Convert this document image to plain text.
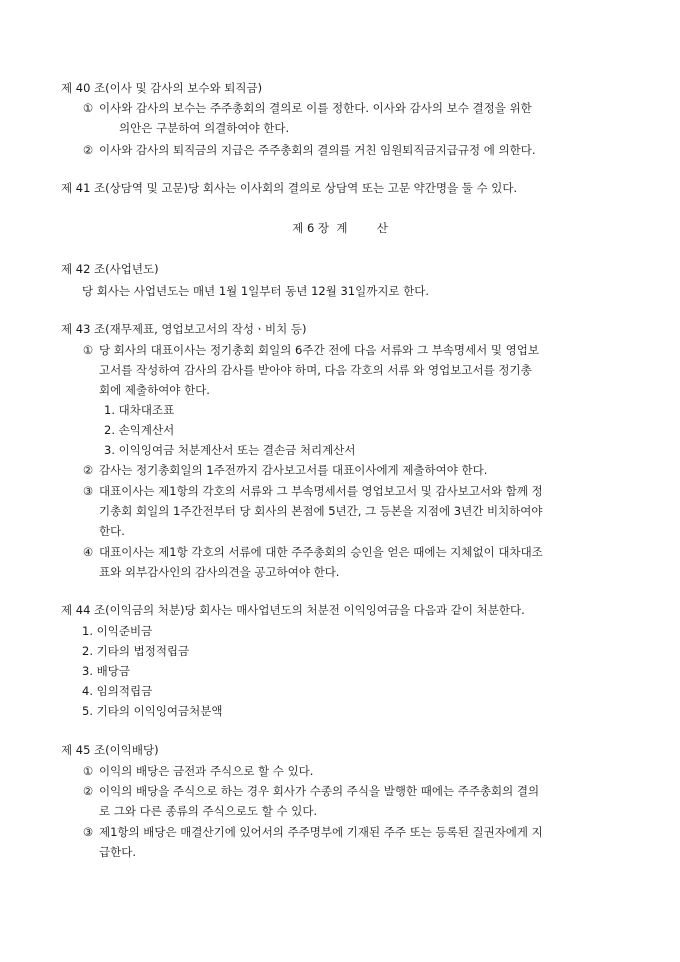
제 40 조(이사 및 감사의 보수와 퇴직금)
① 이사와 감사의 보수는 주주총회의 결의로 이를 정한다. 이사와 감사의 보수 결정을 위한
의안은 구분하여 의결하여야 한다.
② 이사와 감사의 퇴직금의 지급은 주주총회의 결의를 거친 임원퇴직금지급규정 에 의한다.
제 41 조(상담역 및 고문)당 회사는 이사회의 결의로 상담역 또는 고문 약간명을 둘 수 있다.
제 6 장  계        산
제 42 조(사업년도)
당 회사는 사업년도는 매년 1월 1일부터 동년 12월 31일까지로 한다.
제 43 조(재무제표, 영업보고서의 작성ㆍ비치 등)
① 당 회사의 대표이사는 정기총회 회일의 6주간 전에 다음 서류와 그 부속명세서 및 영업보
고서를 작성하여 감사의 감사를 받아야 하며, 다음 각호의 서류 와 영업보고서를 정기총
회에 제출하여야 한다.
1. 대차대조표
2. 손익계산서
3. 이익잉여금 처분계산서 또는 결손금 처리계산서
② 감사는 정기총회일의 1주전까지 감사보고서를 대표이사에게 제출하여야 한다.
③ 대표이사는 제1항의 각호의 서류와 그 부속명세서를 영업보고서 및 감사보고서와 함께 정
기총회 회일의 1주간전부터 당 회사의 본점에 5년간, 그 등본을 지점에 3년간 비치하여야
한다.
④ 대표이사는 제1항 각호의 서류에 대한 주주총회의 승인을 얻은 때에는 지체없이 대차대조
표와 외부감사인의 감사의견을 공고하여야 한다.
제 44 조(이익금의 처분)당 회사는 매사업년도의 처분전 이익잉여금을 다음과 같이 처분한다.
1. 이익준비금
2. 기타의 법정적립금
3. 배당금
4. 임의적립금
5. 기타의 이익잉여금처분액
제 45 조(이익배당)
① 이익의 배당은 금전과 주식으로 할 수 있다.
② 이익의 배당을 주식으로 하는 경우 회사가 수종의 주식을 발행한 때에는 주주총회의 결의
로 그와 다른 종류의 주식으로도 할 수 있다.
③ 제1항의 배당은 매결산기에 있어서의 주주명부에 기재된 주주 또는 등록된 질권자에게 지
급한다.
